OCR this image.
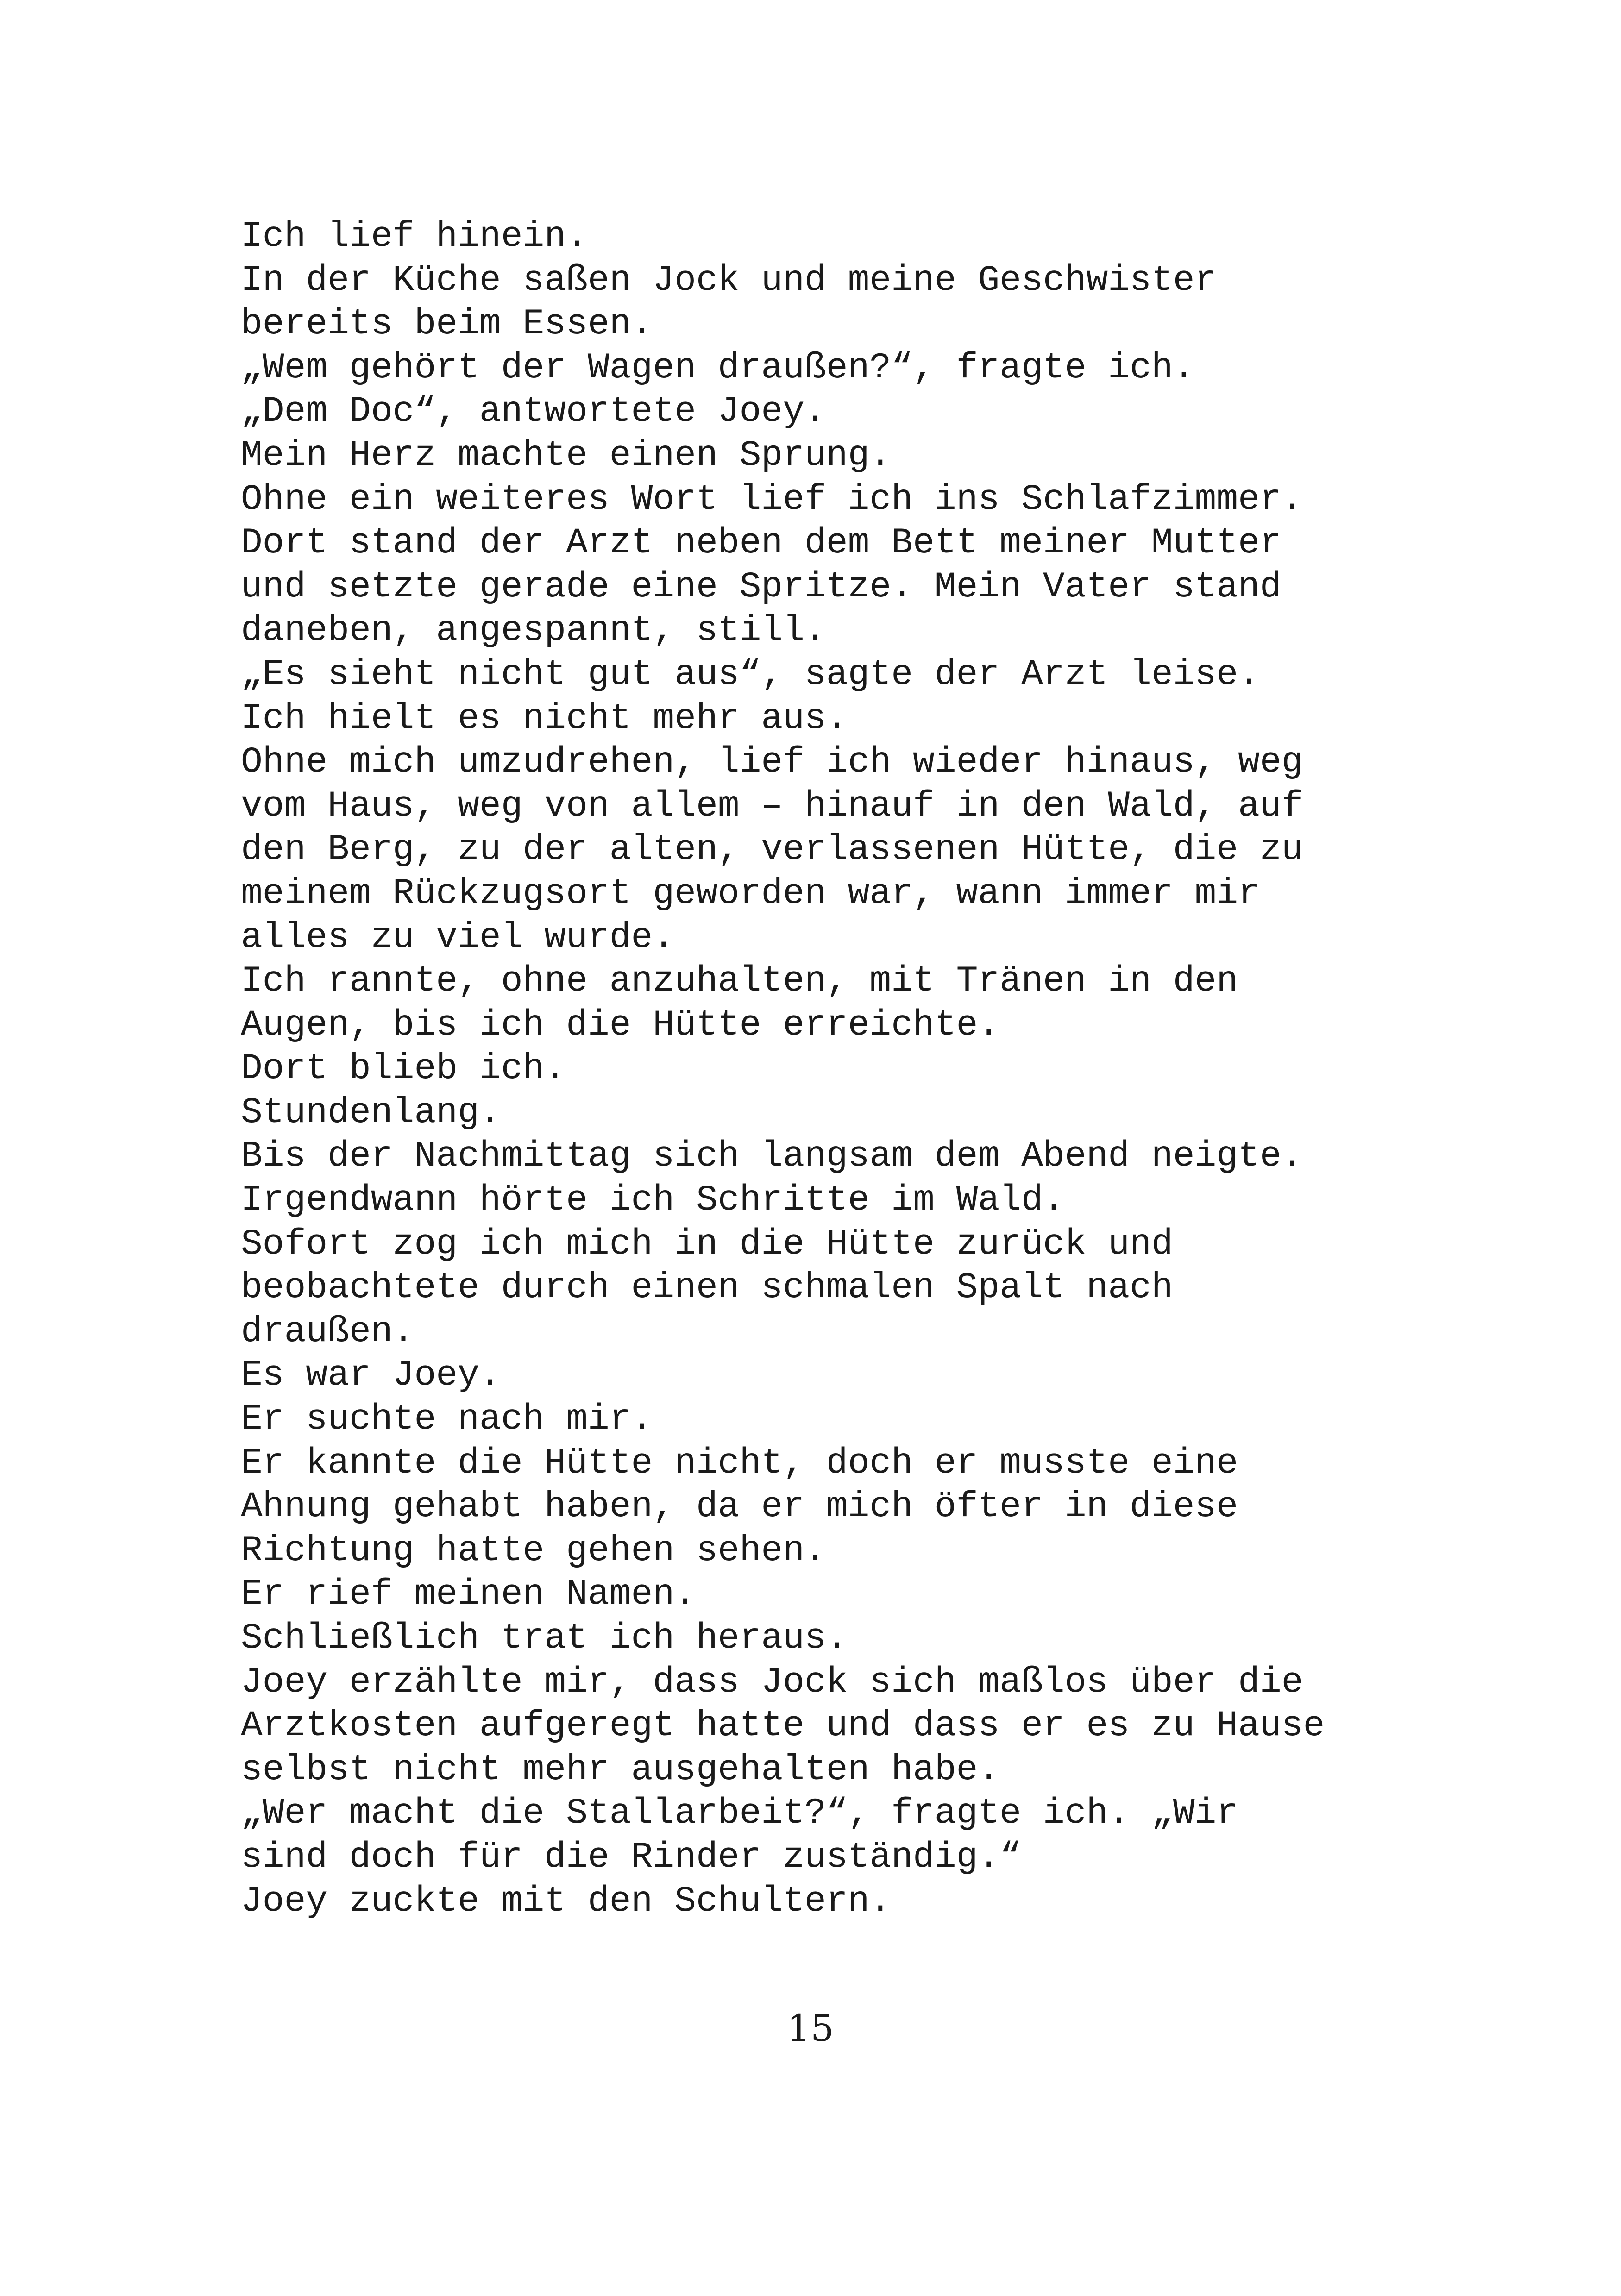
Ich lief hinein.

In der Küche saßen Jock und meine Geschwister

bereits beim Essen.

„Wem gehört der Wagen draußen?“, fragte ich.

„Dem Doc“, antwortete Joey.

Mein Herz machte einen Sprung.

Ohne ein weiteres Wort lief ich ins Schlafzimmer.

Dort stand der Arzt neben dem Bett meiner Mutter

und setzte gerade eine Spritze. Mein Vater stand

daneben, angespannt, still.

„Es sieht nicht gut aus“, sagte der Arzt leise.

Ich hielt es nicht mehr aus.

Ohne mich umzudrehen, lief ich wieder hinaus, weg

vom Haus, weg von allem – hinauf in den Wald, auf

den Berg, zu der alten, verlassenen Hütte, die zu

meinem Rückzugsort geworden war, wann immer mir

alles zu viel wurde.

Ich rannte, ohne anzuhalten, mit Tränen in den

Augen, bis ich die Hütte erreichte.

Dort blieb ich.

Stundenlang.

Bis der Nachmittag sich langsam dem Abend neigte.

Irgendwann hörte ich Schritte im Wald.

Sofort zog ich mich in die Hütte zurück und

beobachtete durch einen schmalen Spalt nach

draußen.

Es war Joey.

Er suchte nach mir.

Er kannte die Hütte nicht, doch er musste eine

Ahnung gehabt haben, da er mich öfter in diese

Richtung hatte gehen sehen.

Er rief meinen Namen.

Schließlich trat ich heraus.

Joey erzählte mir, dass Jock sich maßlos über die

Arztkosten aufgeregt hatte und dass er es zu Hause

selbst nicht mehr ausgehalten habe.

„Wer macht die Stallarbeit?“, fragte ich. „Wir

sind doch für die Rinder zuständig.“

Joey zuckte mit den Schultern.

15
